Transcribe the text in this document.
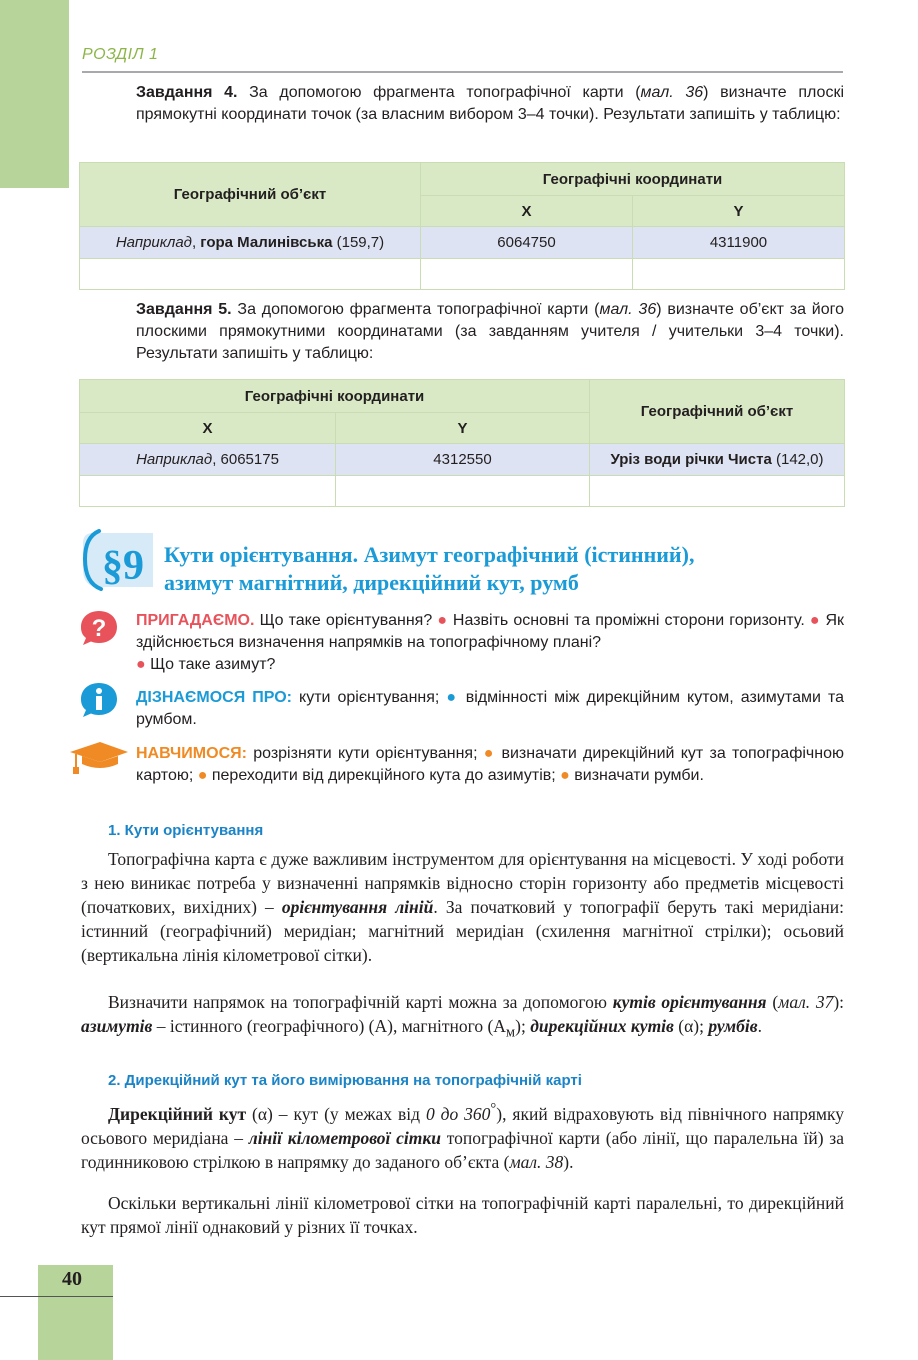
РОЗДІЛ 1
Завдання 4. За допомогою фрагмента топографічної карти (мал. 36) визначте плоскі прямокутні координати точок (за власним вибором 3–4 точки). Результати запишіть у таблицю:
Географічний об’єкт	Географічні координати	
	X	Y
Наприклад, гора Малинівська (159,7)	6064750	4311900

Завдання 5. За допомогою фрагмента топографічної карти (мал. 36) визначте об’єкт за його плоскими прямокутними координатами (за завданням учителя / учительки 3–4 точки). Результати запишіть у таблицю:
Географічні координати		Географічний об’єкт
X	Y	
Наприклад, 6065175	4312550	Уріз води річки Чиста (142,0)

§9 Кути орієнтування. Азимут географічний (істинний),
азимут магнітний, дирекційний кут, румб
? ПРИГАДАЄМО. Що таке орієнтування? ● Назвіть основні та проміжні сторони горизонту. ● Як здійснюється визначення напрямків на топографічному плані?
● Що таке азимут?
ДІЗНАЄМОСЯ ПРО: кути орієнтування; ● відмінності між дирекційним кутом, азимутами та румбом.
НАВЧИМОСЯ: розрізняти кути орієнтування; ● визначати дирекційний кут за топографічною картою; ● переходити від дирекційного кута до азимутів; ● визначати румби.
1. Кути орієнтування
Топографічна карта є дуже важливим інструментом для орієнтування на місцевості. У ході роботи з нею виникає потреба у визначенні напрямків відносно сторін горизонту або предметів місцевості (початкових, вихідних) – орієнтування ліній. За початковий у топографії беруть такі меридіани: істинний (географічний) меридіан; магнітний меридіан (схилення магнітної стрілки); осьовий (вертикальна лінія кілометрової сітки).
Визначити напрямок на топографічній карті можна за допомогою кутів орієнтування (мал. 37): азимутів – істинного (географічного) (А), магнітного $(А_м)$; дирекційних кутів (α); румбів.
2. Дирекційний кут та його вимірювання на топографічній карті
Дирекційний кут (α) – кут (у межах від 0 до 360°), який відраховують від північного напрямку осьового меридіана – лінії кілометрової сітки топографічної карти (або лінії, що паралельна їй) за годинниковою стрілкою в напрямку до заданого об’єкта (мал. 38).
Оскільки вертикальні лінії кілометрової сітки на топографічній карті паралельні, то дирекційний кут прямої лінії однаковий у різних її точках.
40
